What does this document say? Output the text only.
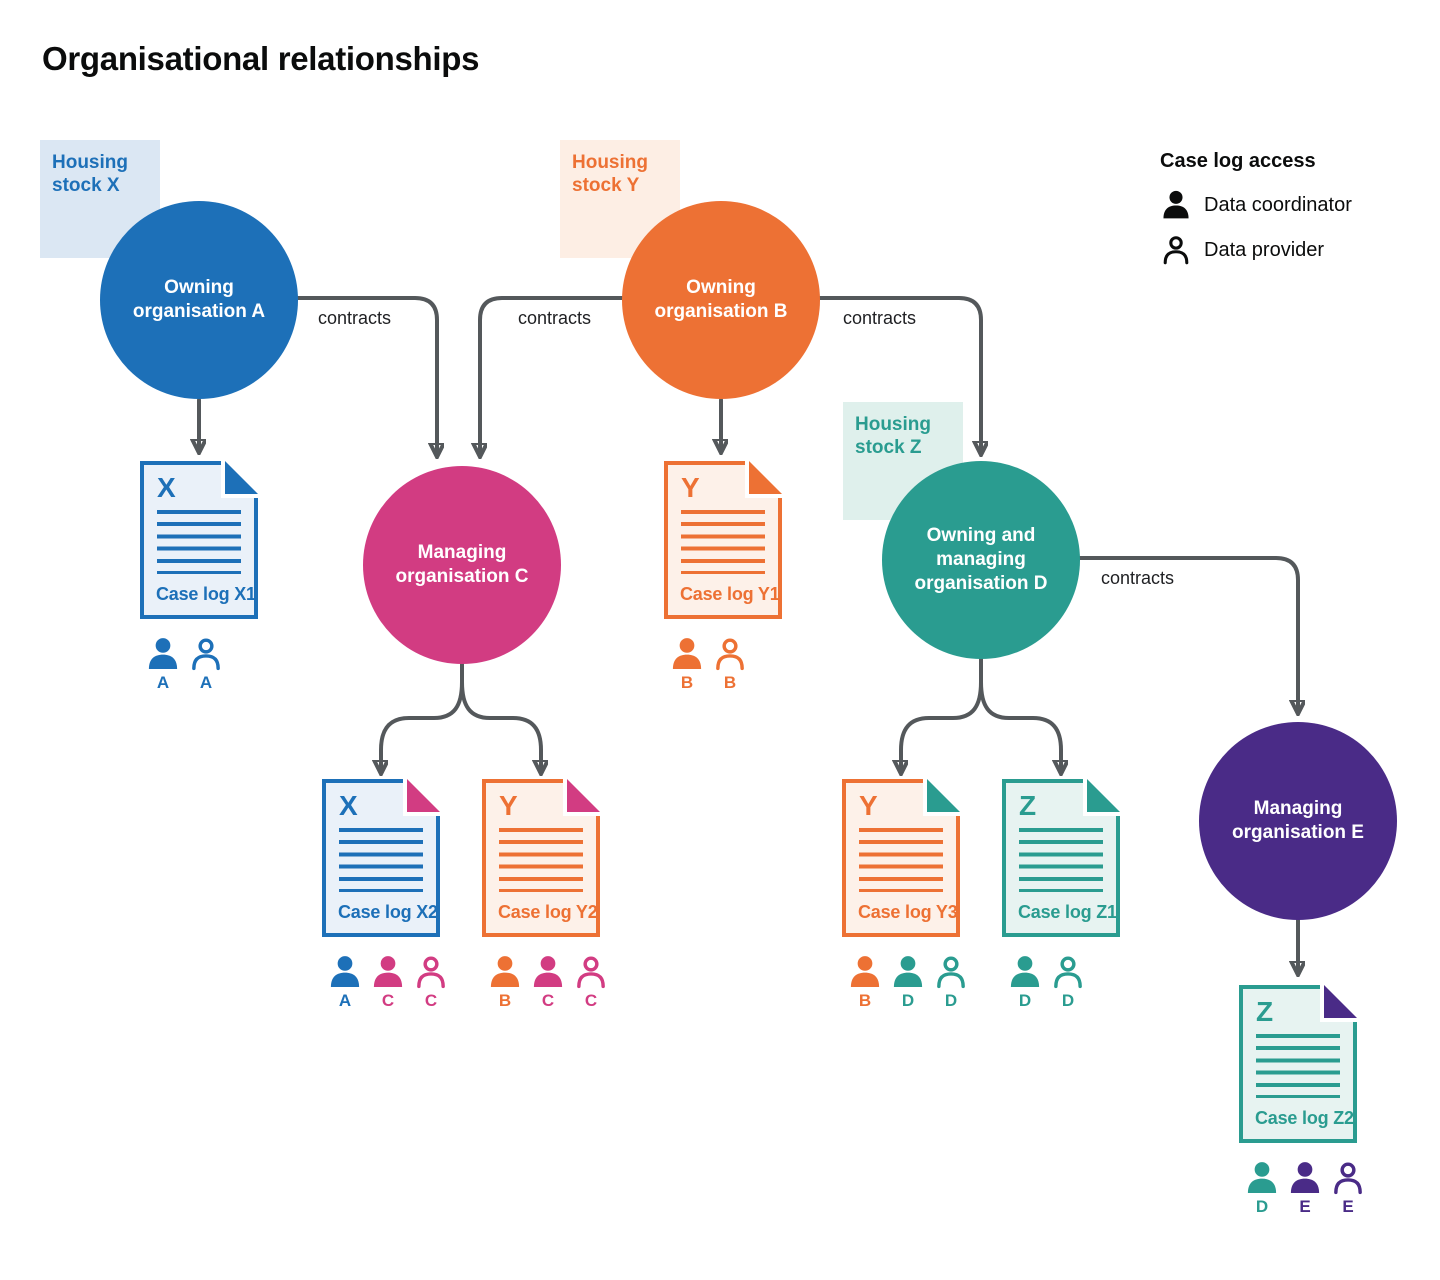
Organisational relationships
Housing stock X
Housing stock Y
Housing stock Z
Owning organisation A
Owning organisation B
Managing organisation C
Owning and managing organisation D
Managing organisation E
contracts	contracts	contracts
contracts
X
Case log X1
A A
Y
Case log Y1
B B
X
Case log X2
A C C
Y
Case log Y2
B C C
Y
Case log Y3
B D D
Z
Case log Z1
D D	Z
Case log Z2
D E E
Case log access
Data coordinator
Data provider
